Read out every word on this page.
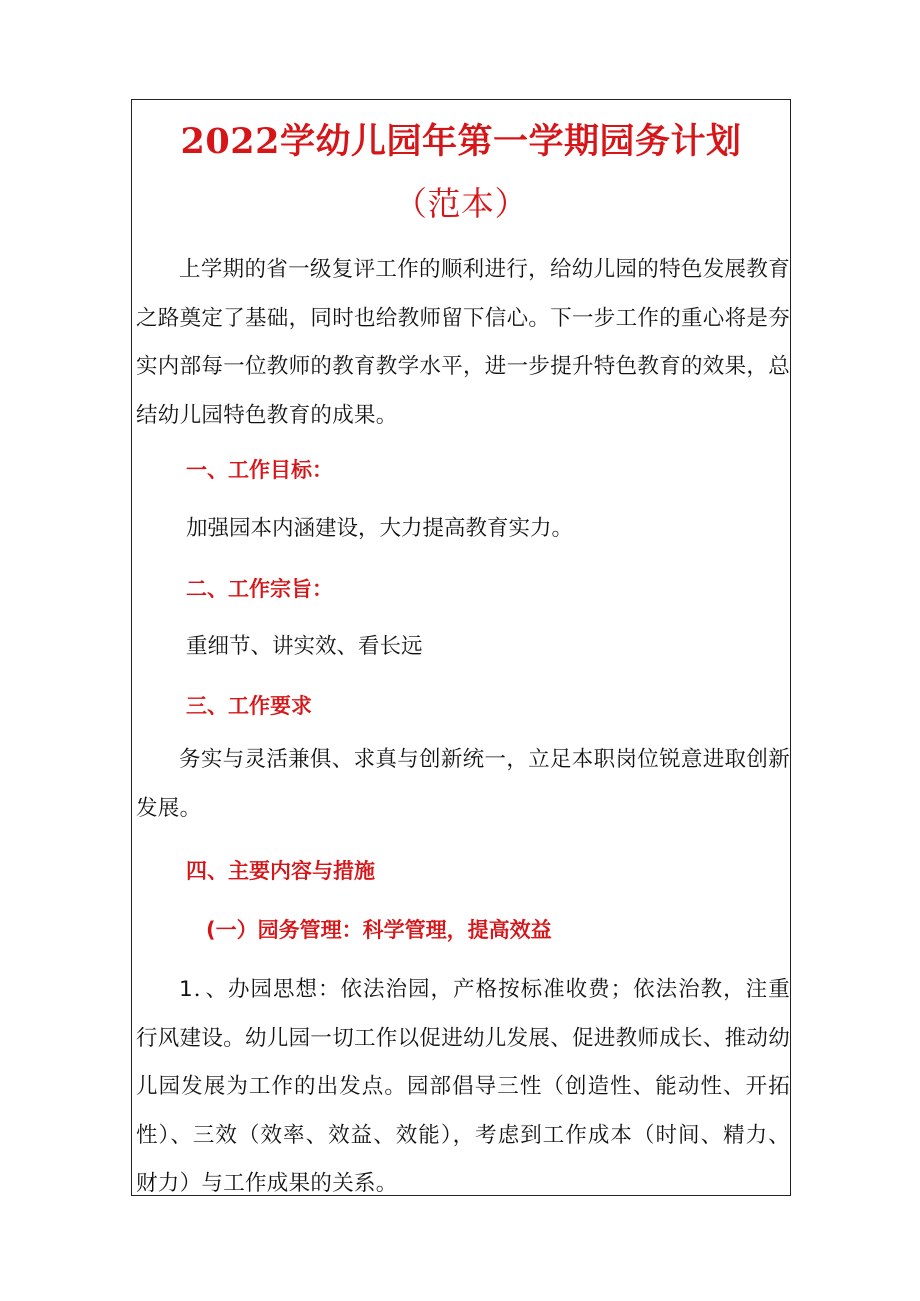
2022学幼儿园年第一学期园务计划
（范本）

上学期的省一级复评工作的顺利进行，给幼儿园的特色发展教育之路奠定了基础，同时也给教师留下信心。下一步工作的重心将是夯实内部每一位教师的教育教学水平，进一步提升特色教育的效果，总结幼儿园特色教育的成果。

一、工作目标：
加强园本内涵建设，大力提高教育实力。
二、工作宗旨：
重细节、讲实效、看长远
三、工作要求

务实与灵活兼俱、求真与创新统一，立足本职岗位锐意进取创新发展。

四、主要内容与措施
(一）园务管理：科学管理，提高效益

1．、办园思想：依法治园，产格按标准收费；依法治教，注重行风建设。幼儿园一切工作以促进幼儿发展、促进教师成长、推动幼儿园发展为工作的出发点。园部倡导三性（创造性、能动性、开拓性）、三效（效率、效益、效能），考虑到工作成本（时间、精力、财力）与工作成果的关系。
